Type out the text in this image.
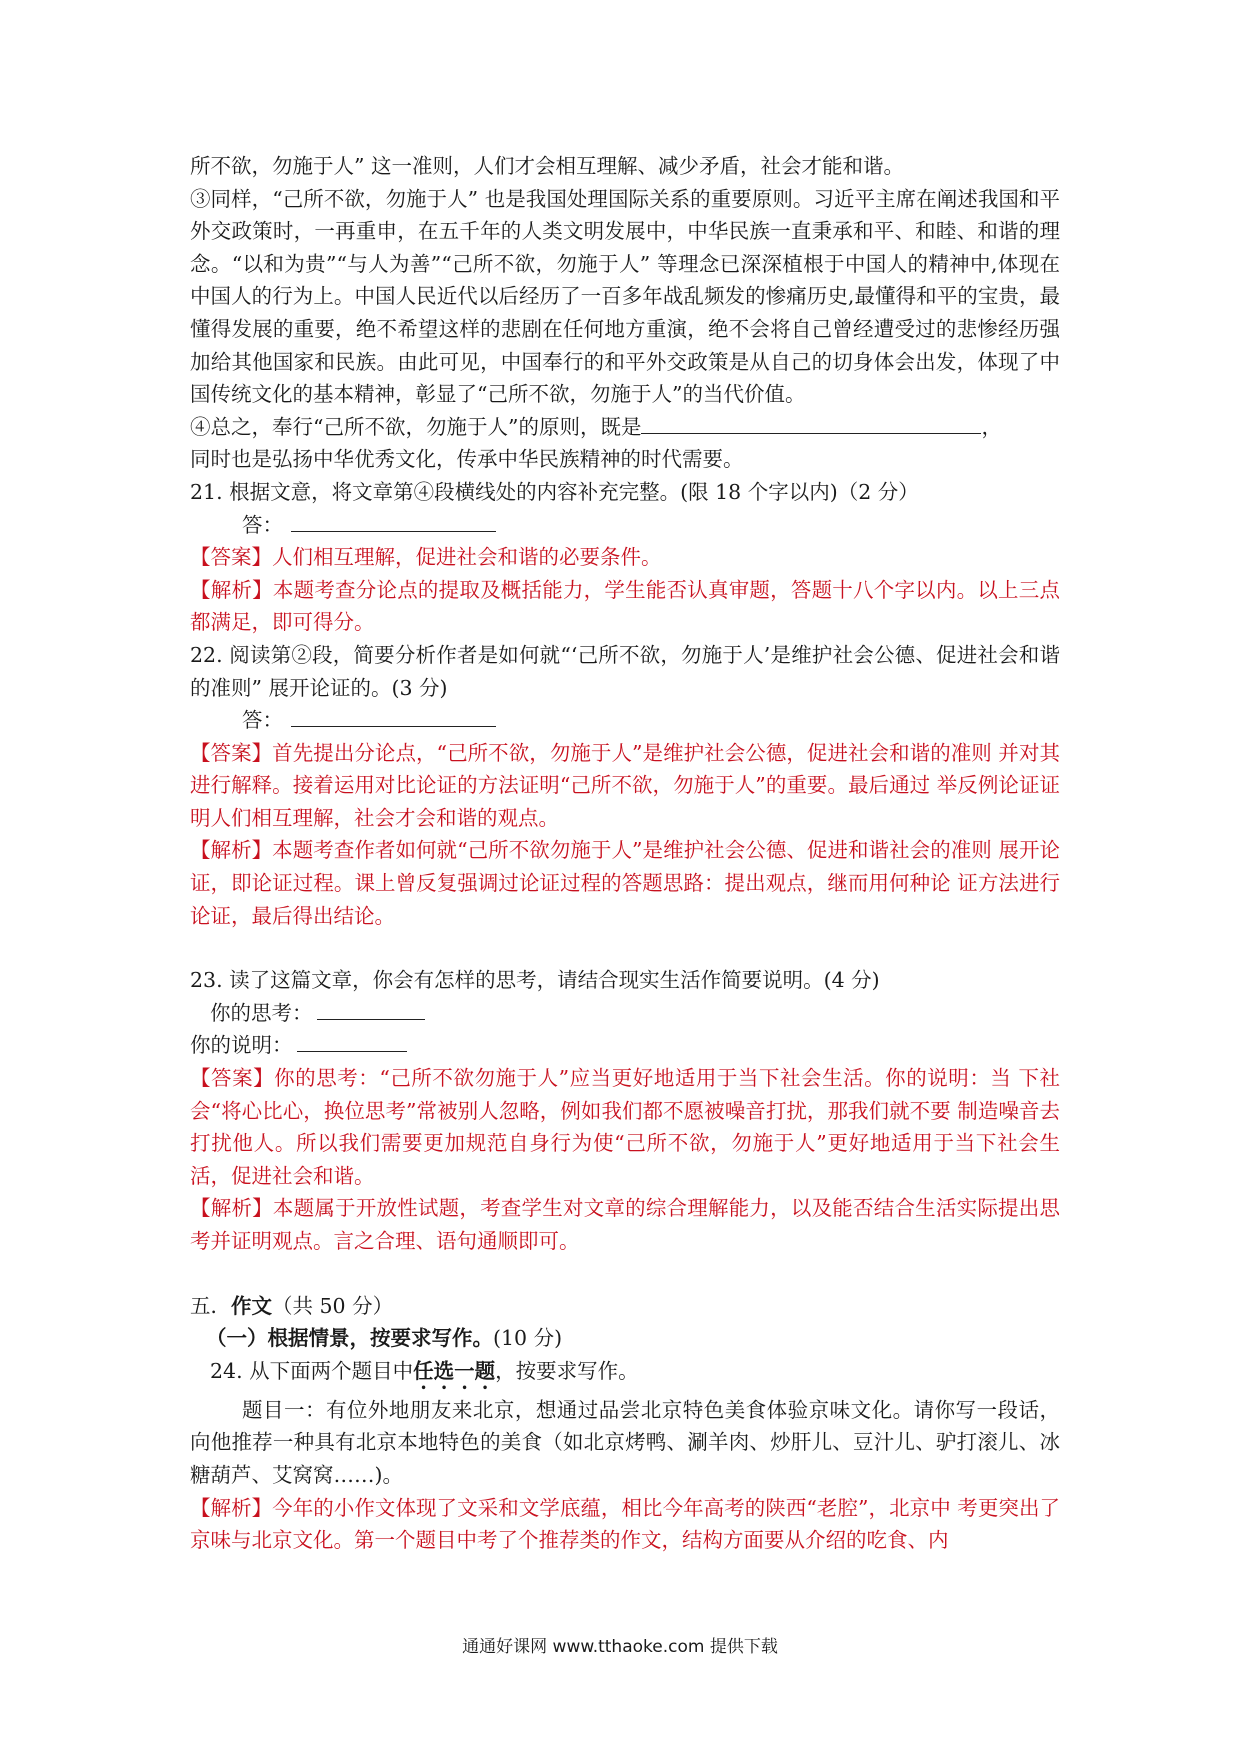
所不欲，勿施于人” 这一准则，人们才会相互理解、减少矛盾，社会才能和谐。

③同样，“己所不欲，勿施于人” 也是我国处理国际关系的重要原则。习近平主席在阐述我国和平外交政策时，一再重申，在五千年的人类文明发展中，中华民族一直秉承和平、和睦、和谐的理念。“以和为贵”“与人为善”“己所不欲，勿施于人” 等理念已深深植根于中国人的精神中,体现在中国人的行为上。中国人民近代以后经历了一百多年战乱频发的惨痛历史,最懂得和平的宝贵，最懂得发展的重要，绝不希望这样的悲剧在任何地方重演，绝不会将自己曾经遭受过的悲惨经历强加给其他国家和民族。由此可见，中国奉行的和平外交政策是从自己的切身体会出发，体现了中国传统文化的基本精神，彰显了“己所不欲，勿施于人”的当代价值。

④总之，奉行“己所不欲，勿施于人”的原则，既是	，

同时也是弘扬中华优秀文化，传承中华民族精神的时代需要。

21. 根据文意，将文章第④段横线处的内容补充完整。(限 18 个字以内)（2 分）

答：

【答案】人们相互理解，促进社会和谐的必要条件。

【解析】本题考查分论点的提取及概括能力，学生能否认真审题，答题十八个字以内。以上三点都满足，即可得分。

22. 阅读第②段，简要分析作者是如何就“‘己所不欲，勿施于人’是维护社会公德、促进社会和谐的准则” 展开论证的。(3 分)

答：

【答案】首先提出分论点，“己所不欲，勿施于人”是维护社会公德，促进社会和谐的准则 并对其进行解释。接着运用对比论证的方法证明“己所不欲，勿施于人”的重要。最后通过 举反例论证证明人们相互理解，社会才会和谐的观点。

【解析】本题考查作者如何就“己所不欲勿施于人”是维护社会公德、促进和谐社会的准则 展开论证，即论证过程。课上曾反复强调过论证过程的答题思路：提出观点，继而用何种论 证方法进行论证，最后得出结论。

23. 读了这篇文章，你会有怎样的思考，请结合现实生活作简要说明。(4 分)

你的思考：

你的说明：

【答案】你的思考：“己所不欲勿施于人”应当更好地适用于当下社会生活。你的说明：当 下社会“将心比心，换位思考”常被别人忽略，例如我们都不愿被噪音打扰，那我们就不要 制造噪音去打扰他人。所以我们需要更加规范自身行为使“己所不欲，勿施于人”更好地适用于当下社会生活，促进社会和谐。

【解析】本题属于开放性试题，考查学生对文章的综合理解能力，以及能否结合生活实际提出思考并证明观点。言之合理、语句通顺即可。

五．作文（共 50 分）

（一）根据情景，按要求写作。(10 分)

24. 从下面两个题目中任选一题，按要求写作。

题目一：有位外地朋友来北京，想通过品尝北京特色美食体验京味文化。请你写一段话，向他推荐一种具有北京本地特色的美食（如北京烤鸭、涮羊肉、炒肝儿、豆汁儿、驴打滚儿、冰糖葫芦、艾窝窝……)。

【解析】今年的小作文体现了文采和文学底蕴，相比今年高考的陕西“老腔”，北京中 考更突出了京味与北京文化。第一个题目中考了个推荐类的作文，结构方面要从介绍的吃食、内

通通好课网 www.tthaoke.com 提供下载
